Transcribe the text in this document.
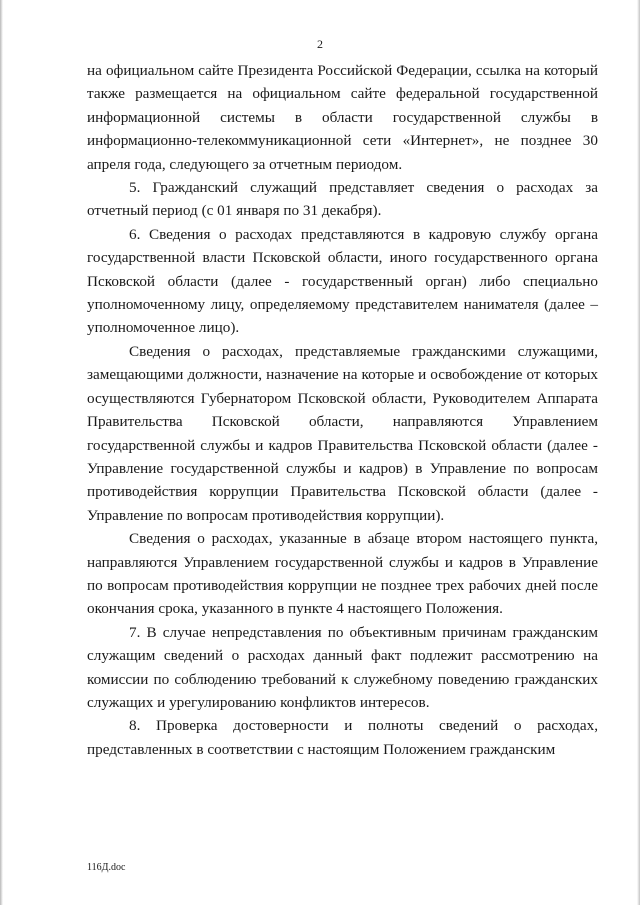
2

на официальном сайте Президента Российской Федерации, ссылка на который также размещается на официальном сайте федеральной государственной информационной системы в области государственной службы в информационно-телекоммуникационной сети «Интернет», не позднее 30 апреля года, следующего за отчетным периодом.

5. Гражданский служащий представляет сведения о расходах за отчетный период (с 01 января по 31 декабря).

6. Сведения о расходах представляются в кадровую службу органа государственной власти Псковской области, иного государственного органа Псковской области (далее - государственный орган) либо специально уполномоченному лицу, определяемому представителем нанимателя (далее – уполномоченное лицо).

Сведения о расходах, представляемые гражданскими служащими, замещающими должности, назначение на которые и освобождение от которых осуществляются Губернатором Псковской области, Руководителем Аппарата Правительства Псковской области, направляются Управлением государственной службы и кадров Правительства Псковской области (далее - Управление государственной службы и кадров) в Управление по вопросам противодействия коррупции Правительства Псковской области (далее - Управление по вопросам противодействия коррупции).

Сведения о расходах, указанные в абзаце втором настоящего пункта, направляются Управлением государственной службы и кадров в Управление по вопросам противодействия коррупции не позднее трех рабочих дней после окончания срока, указанного в пункте 4 настоящего Положения.

7. В случае непредставления по объективным причинам гражданским служащим сведений о расходах данный факт подлежит рассмотрению на комиссии по соблюдению требований к служебному поведению гражданских служащих и урегулированию конфликтов интересов.

8. Проверка достоверности и полноты сведений о расходах, представленных в соответствии с настоящим Положением гражданским

116Д.doc
